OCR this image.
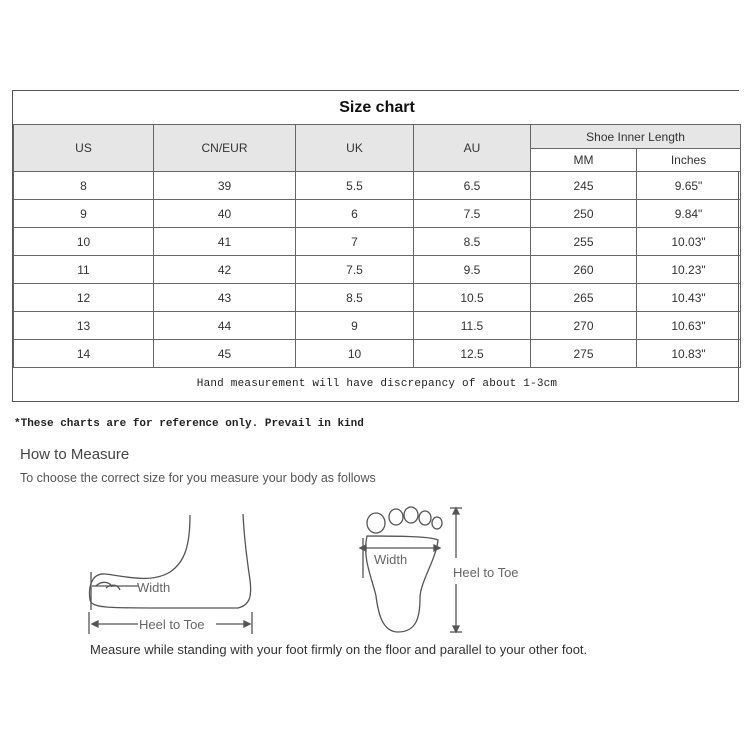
Size chart					
US	CN/EUR	UK	AU	Shoe Inner Length	
				MM	Inches
8	39	5.5	6.5	245	9.65"
9	40	6	7.5	250	9.84"
10	41	7	8.5	255	10.03"
11	42	7.5	9.5	260	10.23"
12	43	8.5	10.5	265	10.43"
13	44	9	11.5	270	10.63"
14	45	10	12.5	275	10.83"
Hand measurement will have discrepancy of about 1-3cm					
*These charts are for reference only. Prevail in kind
How to Measure
To choose the correct size for you measure your body as follows
Width
Heel to Toe
Width
Heel to Toe
Measure while standing with your foot firmly on the floor and parallel to your other foot.
